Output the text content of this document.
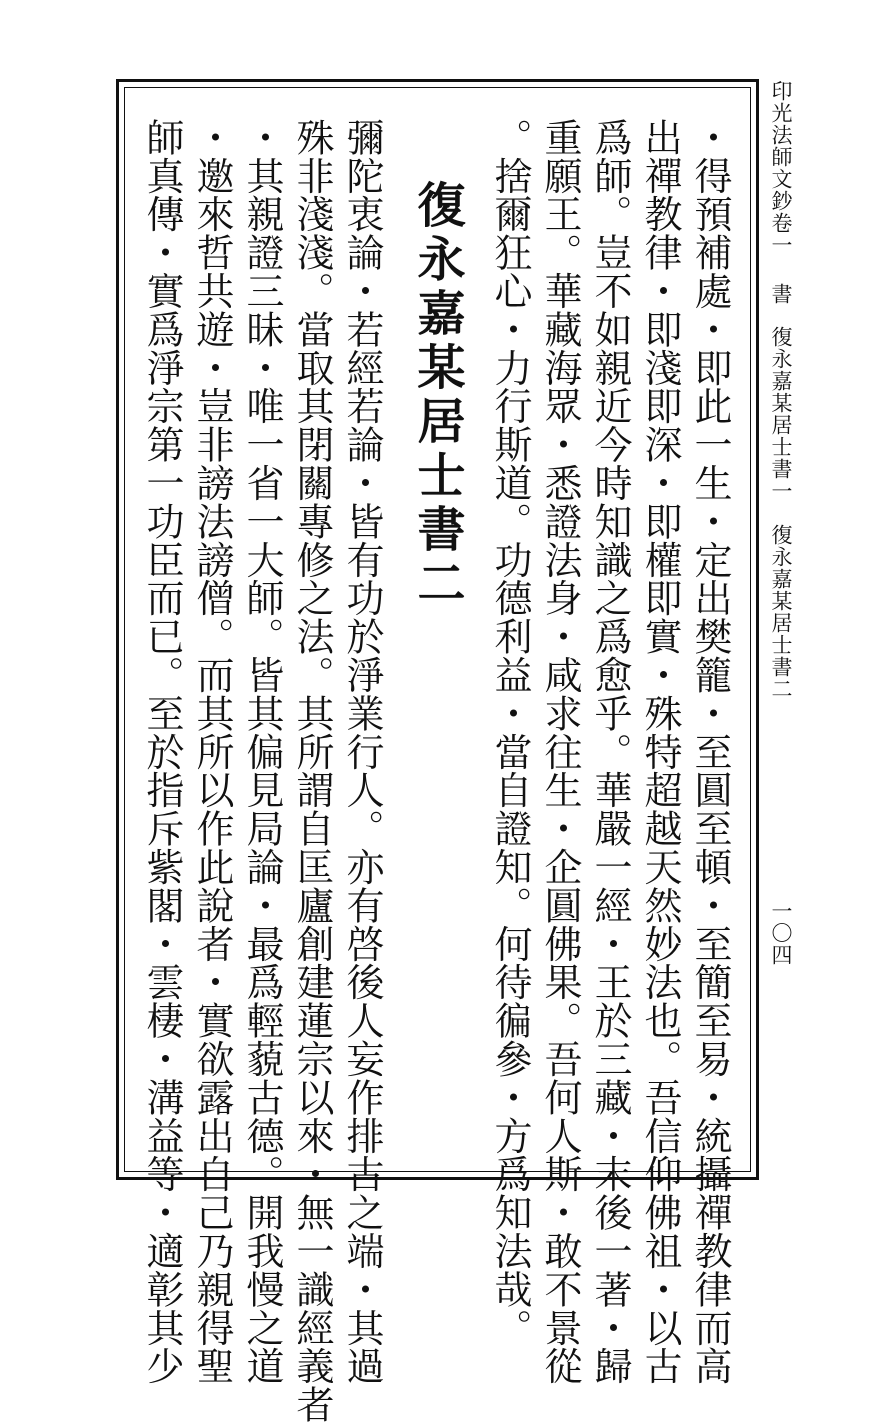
印光法師文鈔卷一
書
復永嘉某居士書一　復永嘉某居士書二
一〇四
・得預補處・即此一生・定出樊籠・至圓至頓・至簡至易・統攝禪教律而高
出禪教律・即淺即深・即權即實・殊特超越天然妙法也。吾信仰佛祖・以古
爲師。豈不如親近今時知識之爲愈乎。華嚴一經・王於三藏・末後一著・歸
重願王。華藏海眾・悉證法身・咸求往生・企圓佛果。吾何人斯・敢不景從
。捨爾狂心・力行斯道。功德利益・當自證知。何待徧參・方爲知法哉。
復永嘉某居士書二
彌陀衷論・若經若論・皆有功於淨業行人。亦有啓後人妄作排古之端・其過
殊非淺淺。當取其閉關專修之法。其所謂自匡廬創建蓮宗以來・無一識經義者
・其親證三昧・唯一省一大師。皆其偏見局論・最爲輕藐古德。開我慢之道
・邀來哲共遊・豈非謗法謗僧。而其所以作此說者・實欲露出自己乃親得聖
師真傳・實爲淨宗第一功臣而已。至於指斥紫閣・雲棲・溝益等・適彰其少
